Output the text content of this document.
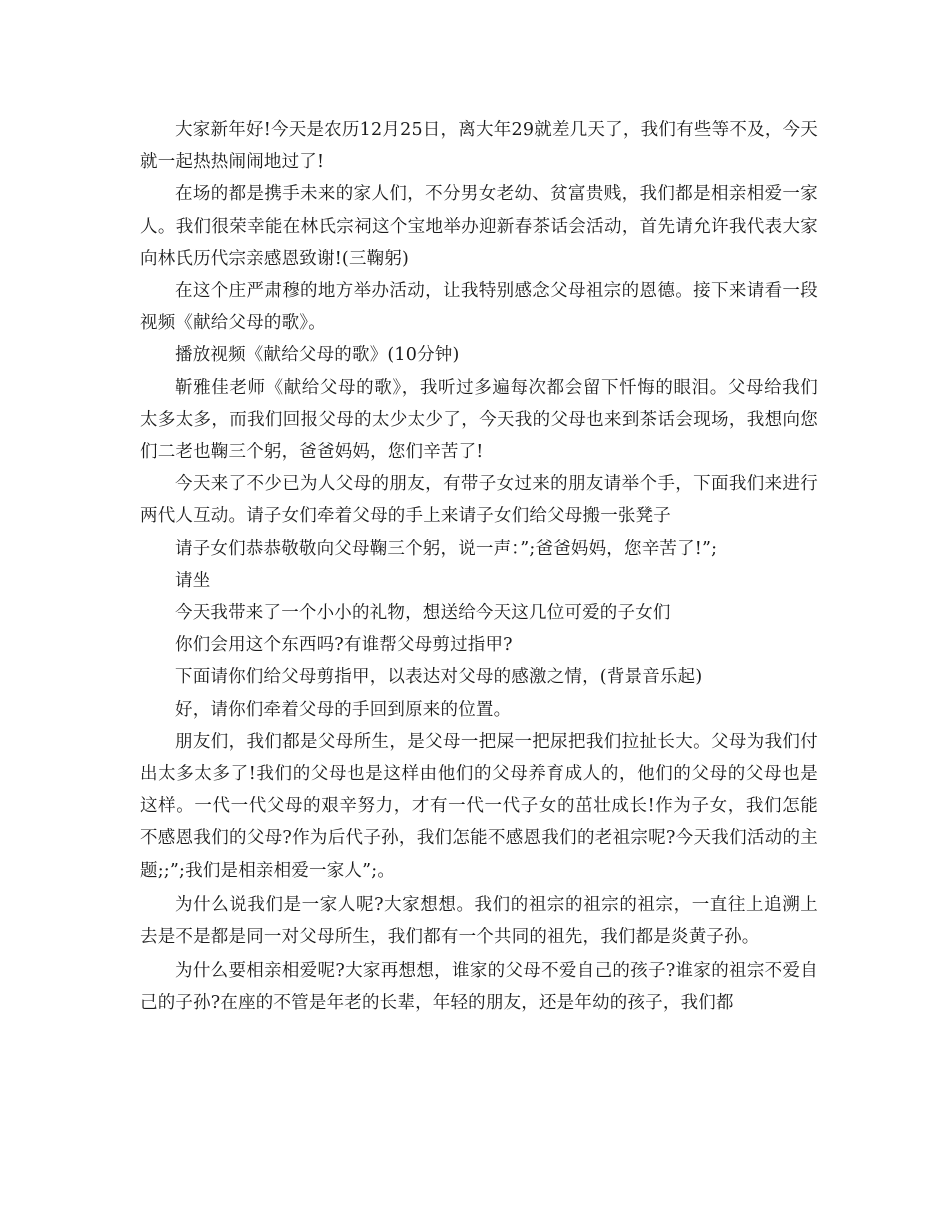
大家新年好!今天是农历12月25日，离大年29就差几天了，我们有些等不及，今天就一起热热闹闹地过了!

在场的都是携手未来的家人们，不分男女老幼、贫富贵贱，我们都是相亲相爱一家人。我们很荣幸能在林氏宗祠这个宝地举办迎新春茶话会活动，首先请允许我代表大家向林氏历代宗亲感恩致谢!(三鞠躬)

在这个庄严肃穆的地方举办活动，让我特别感念父母祖宗的恩德。接下来请看一段视频《献给父母的歌》。

播放视频《献给父母的歌》(10分钟)

靳雅佳老师《献给父母的歌》，我听过多遍每次都会留下忏悔的眼泪。父母给我们太多太多，而我们回报父母的太少太少了，今天我的父母也来到茶话会现场，我想向您们二老也鞠三个躬，爸爸妈妈，您们辛苦了!

今天来了不少已为人父母的朋友，有带子女过来的朋友请举个手，下面我们来进行两代人互动。请子女们牵着父母的手上来请子女们给父母搬一张凳子

请子女们恭恭敬敬向父母鞠三个躬，说一声：”;爸爸妈妈，您辛苦了!”;

请坐

今天我带来了一个小小的礼物，想送给今天这几位可爱的子女们

你们会用这个东西吗?有谁帮父母剪过指甲?

下面请你们给父母剪指甲，以表达对父母的感激之情，(背景音乐起)

好，请你们牵着父母的手回到原来的位置。

朋友们，我们都是父母所生，是父母一把屎一把尿把我们拉扯长大。父母为我们付出太多太多了!我们的父母也是这样由他们的父母养育成人的，他们的父母的父母也是这样。一代一代父母的艰辛努力，才有一代一代子女的茁壮成长!作为子女，我们怎能不感恩我们的父母?作为后代子孙，我们怎能不感恩我们的老祖宗呢?今天我们活动的主题;;”;我们是相亲相爱一家人”;。

为什么说我们是一家人呢?大家想想。我们的祖宗的祖宗的祖宗，一直往上追溯上去是不是都是同一对父母所生，我们都有一个共同的祖先，我们都是炎黄子孙。

为什么要相亲相爱呢?大家再想想，谁家的父母不爱自己的孩子?谁家的祖宗不爱自己的子孙?在座的不管是年老的长辈，年轻的朋友，还是年幼的孩子，我们都
